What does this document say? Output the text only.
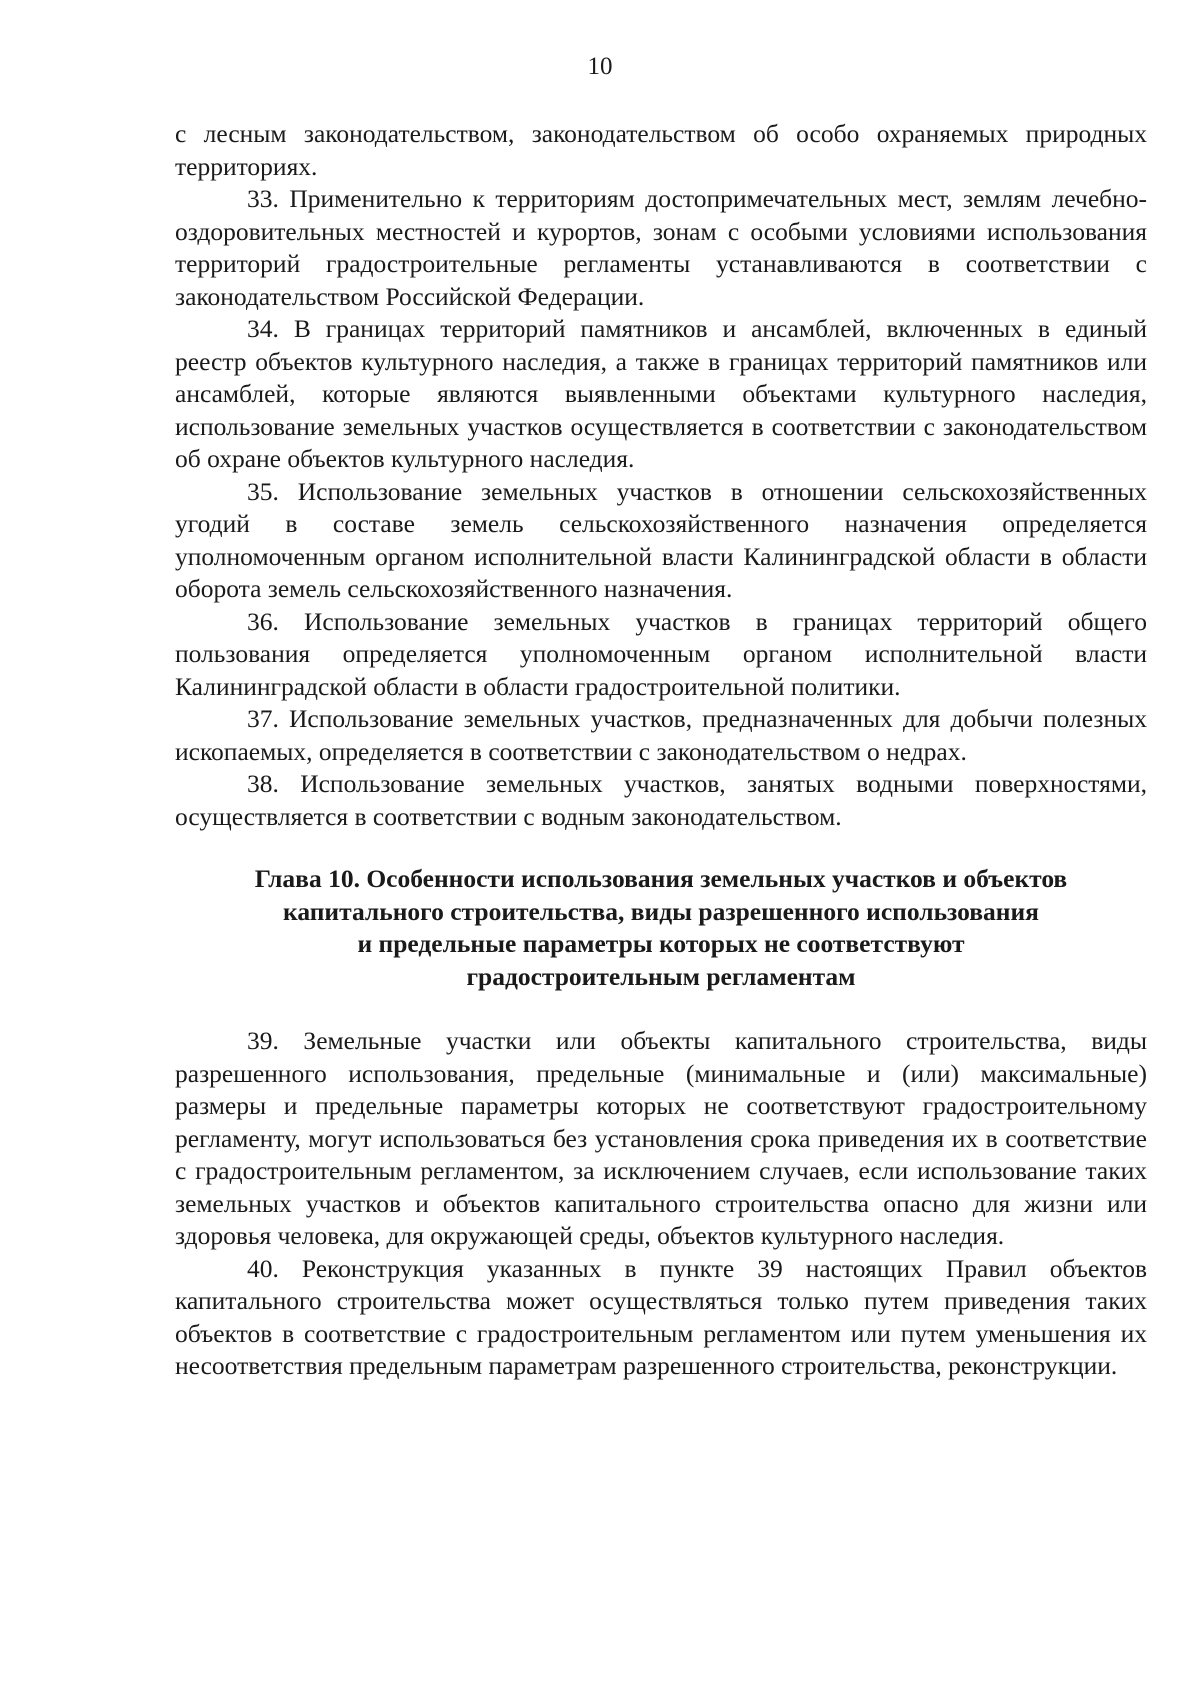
10

с лесным законодательством, законодательством об особо охраняемых природных территориях.

33. Применительно к территориям достопримечательных мест, землям лечебно-оздоровительных местностей и курортов, зонам с особыми условиями использования территорий градостроительные регламенты устанавливаются в соответствии с законодательством Российской Федерации.

34. В границах территорий памятников и ансамблей, включенных в единый реестр объектов культурного наследия, а также в границах территорий памятников или ансамблей, которые являются выявленными объектами культурного наследия, использование земельных участков осуществляется в соответствии с законодательством об охране объектов культурного наследия.

35. Использование земельных участков в отношении сельскохозяйственных угодий в составе земель сельскохозяйственного назначения определяется уполномоченным органом исполнительной власти Калининградской области в области оборота земель сельскохозяйственного назначения.

36. Использование земельных участков в границах территорий общего пользования определяется уполномоченным органом исполнительной власти Калининградской области в области градостроительной политики.

37. Использование земельных участков, предназначенных для добычи полезных ископаемых, определяется в соответствии с законодательством о недрах.

38. Использование земельных участков, занятых водными поверхностями, осуществляется в соответствии с водным законодательством.

Глава 10. Особенности использования земельных участков и объектов
капитального строительства, виды разрешенного использования
и предельные параметры которых не соответствуют
градостроительным регламентам

39. Земельные участки или объекты капитального строительства, виды разрешенного использования, предельные (минимальные и (или) максимальные) размеры и предельные параметры которых не соответствуют градостроительному регламенту, могут использоваться без установления срока приведения их в соответствие с градостроительным регламентом, за исключением случаев, если использование таких земельных участков и объектов капитального строительства опасно для жизни или здоровья человека, для окружающей среды, объектов культурного наследия.

40. Реконструкция указанных в пункте 39 настоящих Правил объектов капитального строительства может осуществляться только путем приведения таких объектов в соответствие с градостроительным регламентом или путем уменьшения их несоответствия предельным параметрам разрешенного строительства, реконструкции.
